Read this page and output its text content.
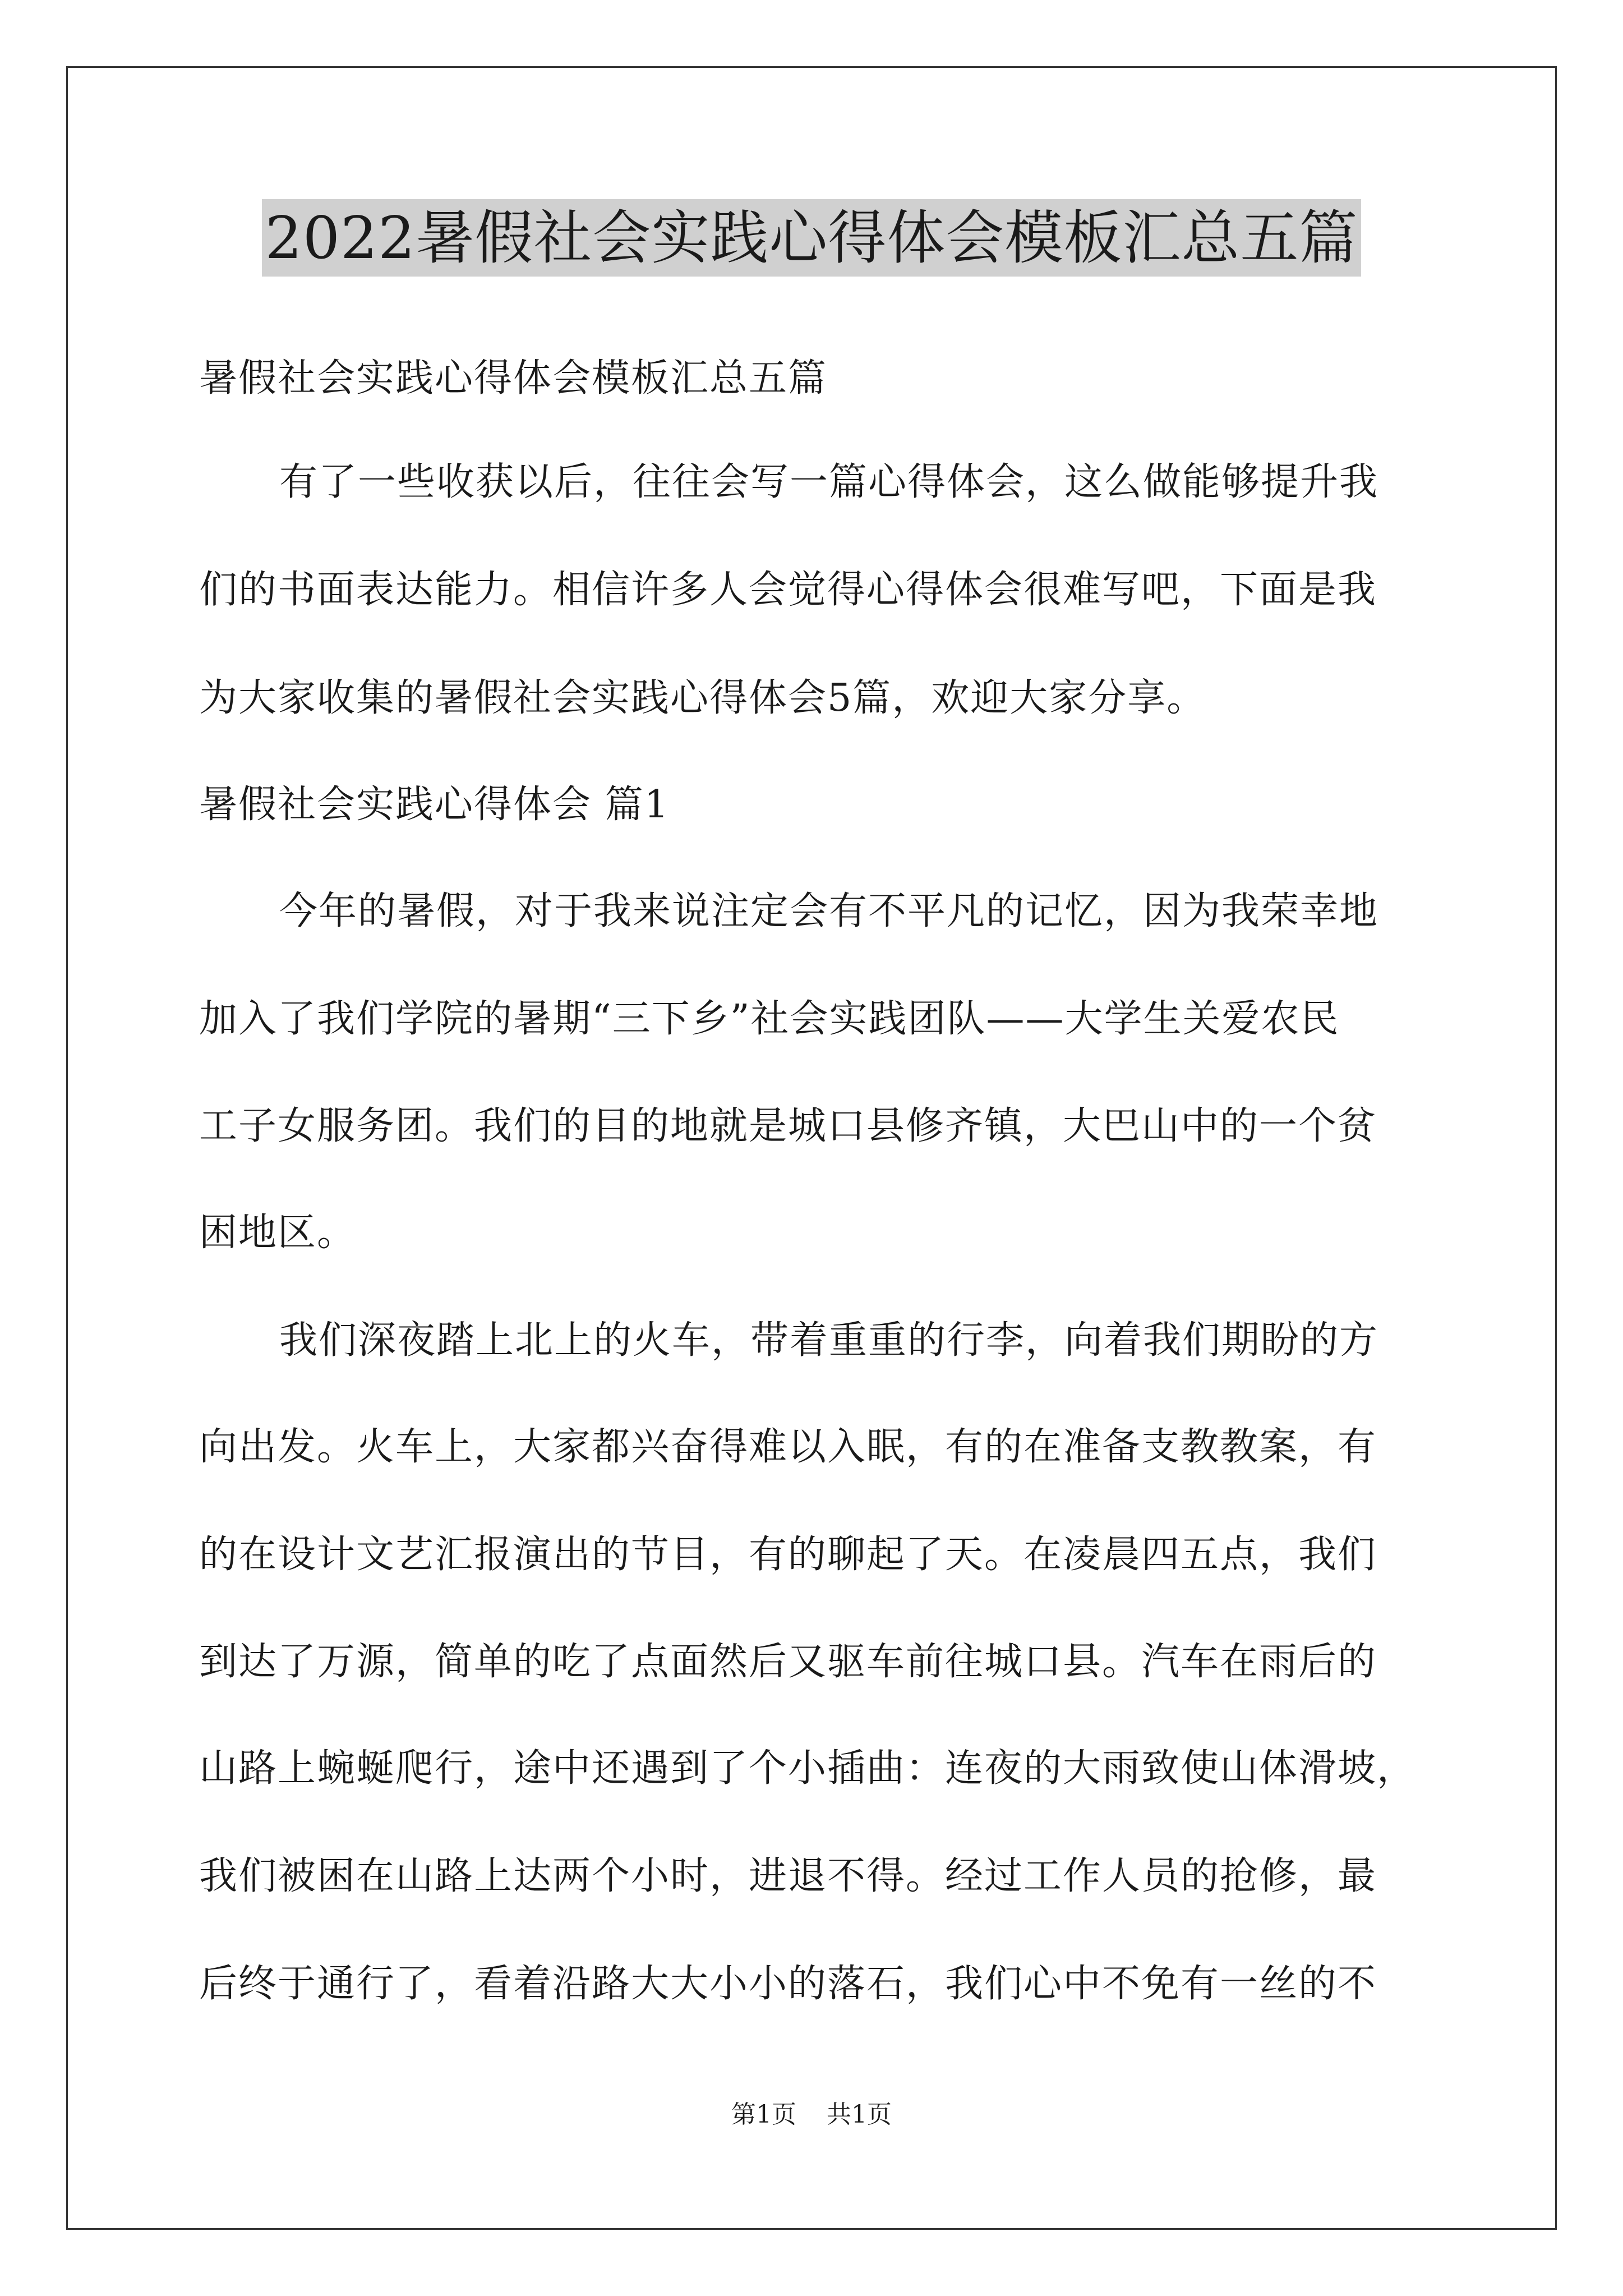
2022暑假社会实践心得体会模板汇总五篇
暑假社会实践心得体会模板汇总五篇
有了一些收获以后，往往会写一篇心得体会，这么做能够提升我
们的书面表达能力。相信许多人会觉得心得体会很难写吧，下面是我
为大家收集的暑假社会实践心得体会5篇，欢迎大家分享。
暑假社会实践心得体会 篇1
今年的暑假，对于我来说注定会有不平凡的记忆，因为我荣幸地
加入了我们学院的暑期“三下乡”社会实践团队——大学生关爱农民
工子女服务团。我们的目的地就是城口县修齐镇，大巴山中的一个贫
困地区。
我们深夜踏上北上的火车，带着重重的行李，向着我们期盼的方
向出发。火车上，大家都兴奋得难以入眠，有的在准备支教教案，有
的在设计文艺汇报演出的节目，有的聊起了天。在凌晨四五点，我们
到达了万源，简单的吃了点面然后又驱车前往城口县。汽车在雨后的
山路上蜿蜒爬行，途中还遇到了个小插曲：连夜的大雨致使山体滑坡，
我们被困在山路上达两个小时，进退不得。经过工作人员的抢修，最
后终于通行了，看着沿路大大小小的落石，我们心中不免有一丝的不
第1页 共1页
